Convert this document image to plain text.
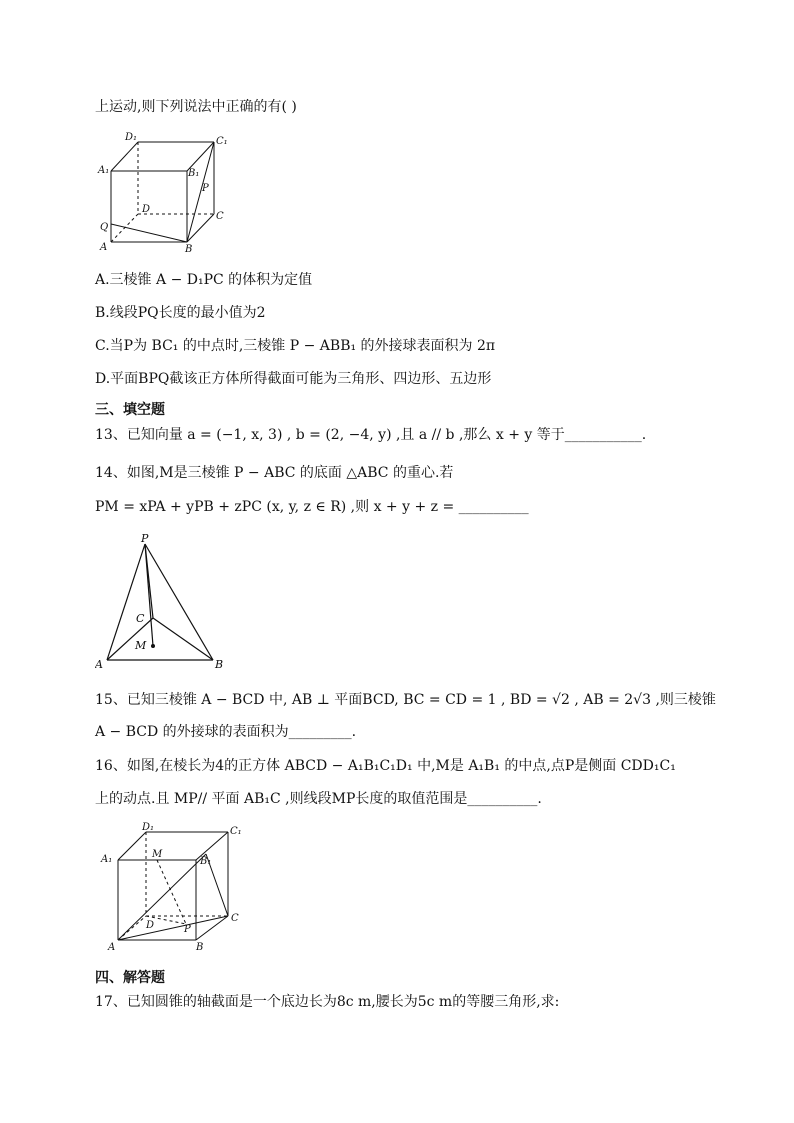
上运动,则下列说法中正确的有( )
D₁	C₁
A₁	B₁
P
D
C
Q
A	B
A.三棱锥 A − D₁PC 的体积为定值
B.线段PQ长度的最小值为2
C.当P为 BC₁ 的中点时,三棱锥 P − ABB₁ 的外接球表面积为 2π
D.平面BPQ截该正方体所得截面可能为三角形、四边形、五边形
三、填空题
13、已知向量 a = (−1, x, 3) , b = (2, −4, y) ,且 a // b ,那么 x + y 等于___________.
14、如图,M是三棱锥 P − ABC 的底面 △ABC 的重心.若
PM = xPA + yPB + zPC (x, y, z ∈ R) ,则 x + y + z = __________
P
C
M
A	B
15、已知三棱锥 A − BCD 中, AB ⊥ 平面BCD, BC = CD = 1 , BD = √2 , AB = 2√3 ,则三棱锥
A − BCD 的外接球的表面积为_________.
16、如图,在棱长为4的正方体 ABCD − A₁B₁C₁D₁ 中,M是 A₁B₁ 的中点,点P是侧面 CDD₁C₁
上的动点.且 MP// 平面 AB₁C ,则线段MP长度的取值范围是__________.
D₁	C₁
A₁	M
B₁
D	P
C
A	B
四、解答题
17、已知圆锥的轴截面是一个底边长为8c m,腰长为5c m的等腰三角形,求:
